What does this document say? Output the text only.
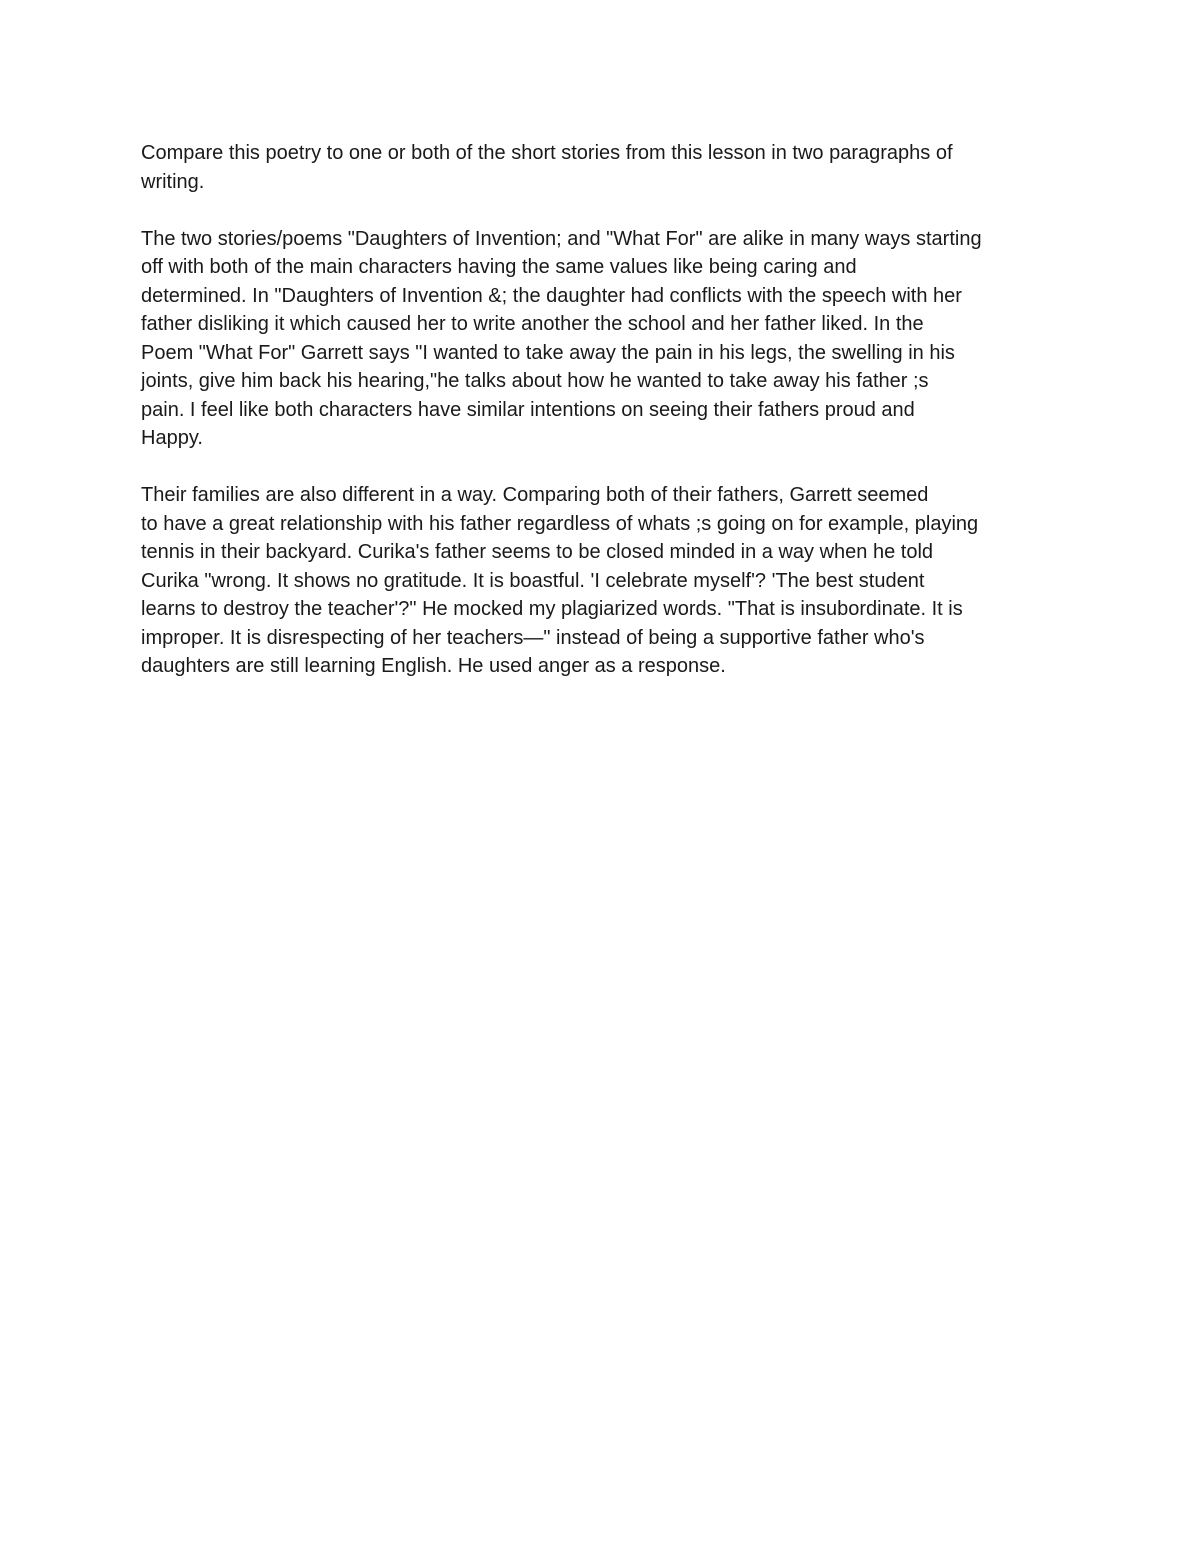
Compare this poetry to one or both of the short stories from this lesson in two paragraphs of
writing.
The two stories/poems "Daughters of Invention; and "What For" are alike in many ways starting
off with both of the main characters having the same values like being caring and
determined. In "Daughters of Invention &; the daughter had conflicts with the speech with her
father disliking it which caused her to write another the school and her father liked. In the
Poem "What For" Garrett says "I wanted to take away the pain in his legs, the swelling in his
joints, give him back his hearing,"he talks about how he wanted to take away his father ;s
pain. I feel like both characters have similar intentions on seeing their fathers proud and
Happy.
Their families are also different in a way. Comparing both of their fathers, Garrett seemed
to have a great relationship with his father regardless of whats ;s going on for example, playing
tennis in their backyard. Curika's father seems to be closed minded in a way when he told
Curika "wrong. It shows no gratitude. It is boastful. 'I celebrate myself'? 'The best student
learns to destroy the teacher'?" He mocked my plagiarized words. "That is insubordinate. It is
improper. It is disrespecting of her teachers—" instead of being a supportive father who's
daughters are still learning English. He used anger as a response.
